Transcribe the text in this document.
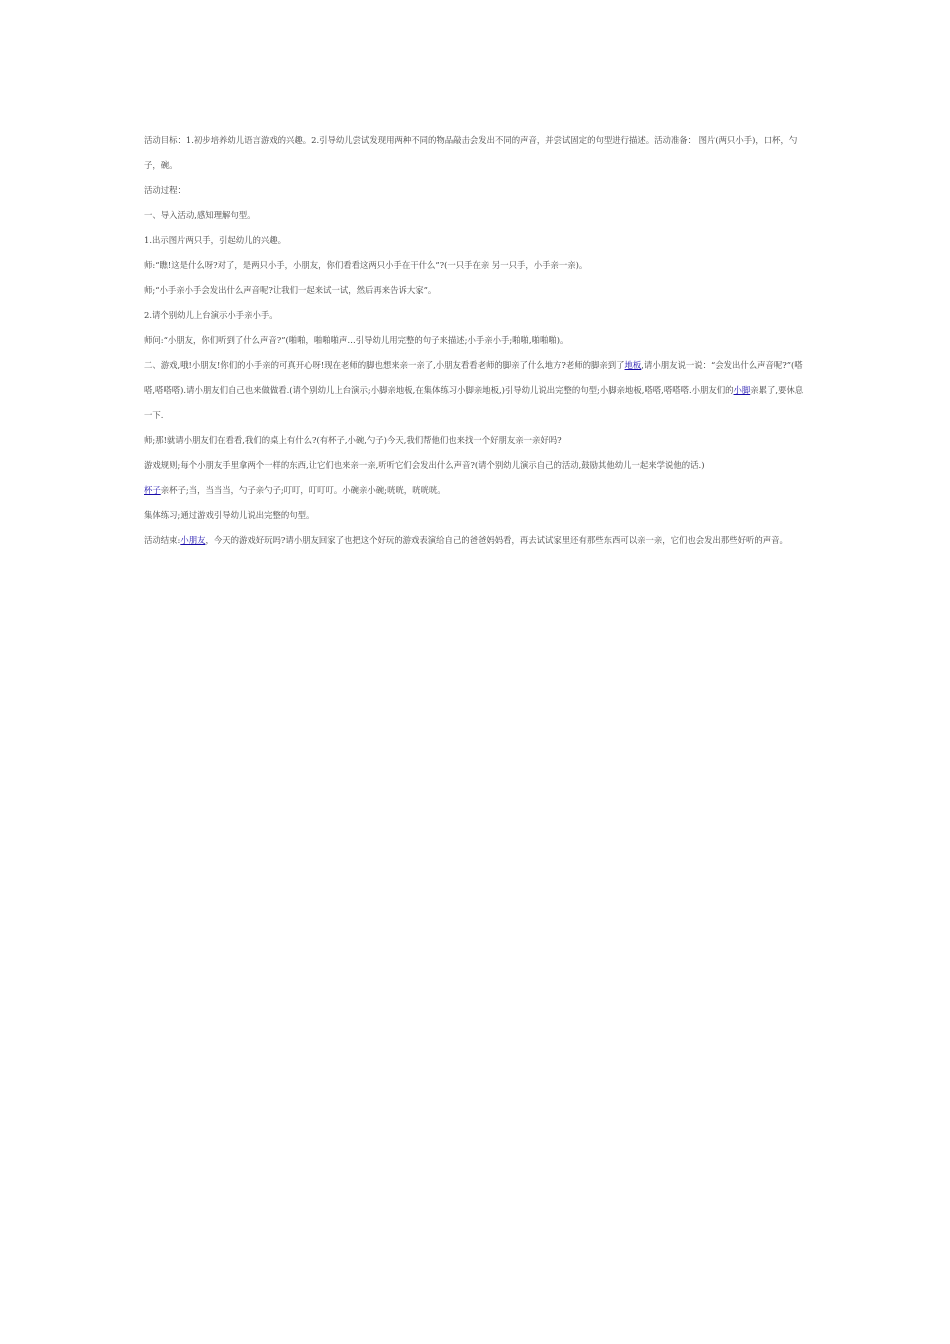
活动目标：1.初步培养幼儿语言游戏的兴趣。2.引导幼儿尝试发现用两种不同的物品敲击会发出不同的声音，并尝试固定的句型进行描述。活动准备： 图片(两只小手)，口杯，勺子，碗。

活动过程：

一、导入活动,感知理解句型。

1.出示图片两只手，引起幼儿的兴趣。

师:“瞧!这是什么呀?对了，是两只小手，小朋友，你们看看这两只小手在干什么”?(一只手在亲 另一只手，小手亲一亲)。

师;“小手亲小手会发出什么声音呢?让我们一起来试一试，然后再来告诉大家”。

2.请个别幼儿上台演示小手亲小手。

师问:“小朋友，你们听到了什么声音?”(啪啪，啪啪啪声…引导幼儿用完整的句子来描述;小手亲小手;啪啪,啪啪啪)。

二、游戏,哦!小朋友!你们的小手亲的可真开心呀!现在老师的脚也想来亲一亲了,小朋友看看老师的脚亲了什么地方?老师的脚亲到了地板,请小朋友说一说：“会发出什么声音呢?”(嗒嗒,嗒嗒嗒).请小朋友们自己也来做做看.(请个别幼儿上台演示;小脚亲地板,在集体练习小脚亲地板,)引导幼儿说出完整的句型;小脚亲地板,嗒嗒,嗒嗒嗒.小朋友们的小脚亲累了,要休息一下.

师;那!就请小朋友们在看看,我们的桌上有什么?(有杯子,小碗,勺子)今天,我们帮他们也来找一个好朋友亲一亲好吗?

游戏规则;每个小朋友手里拿两个一样的东西,让它们也来亲一亲,听听它们会发出什么声音?(请个别幼儿演示自己的活动,鼓励其他幼儿一起来学说他的话.)

杯子亲杯子;当，当当当，勺子亲勺子;叮叮，叮叮叮。小碗亲小碗;咣咣，咣咣咣。

集体练习;通过游戏引导幼儿说出完整的句型。

活动结束:小朋友，今天的游戏好玩吗?请小朋友回家了也把这个好玩的游戏表演给自己的爸爸妈妈看，再去试试家里还有那些东西可以亲一亲，它们也会发出那些好听的声音。
